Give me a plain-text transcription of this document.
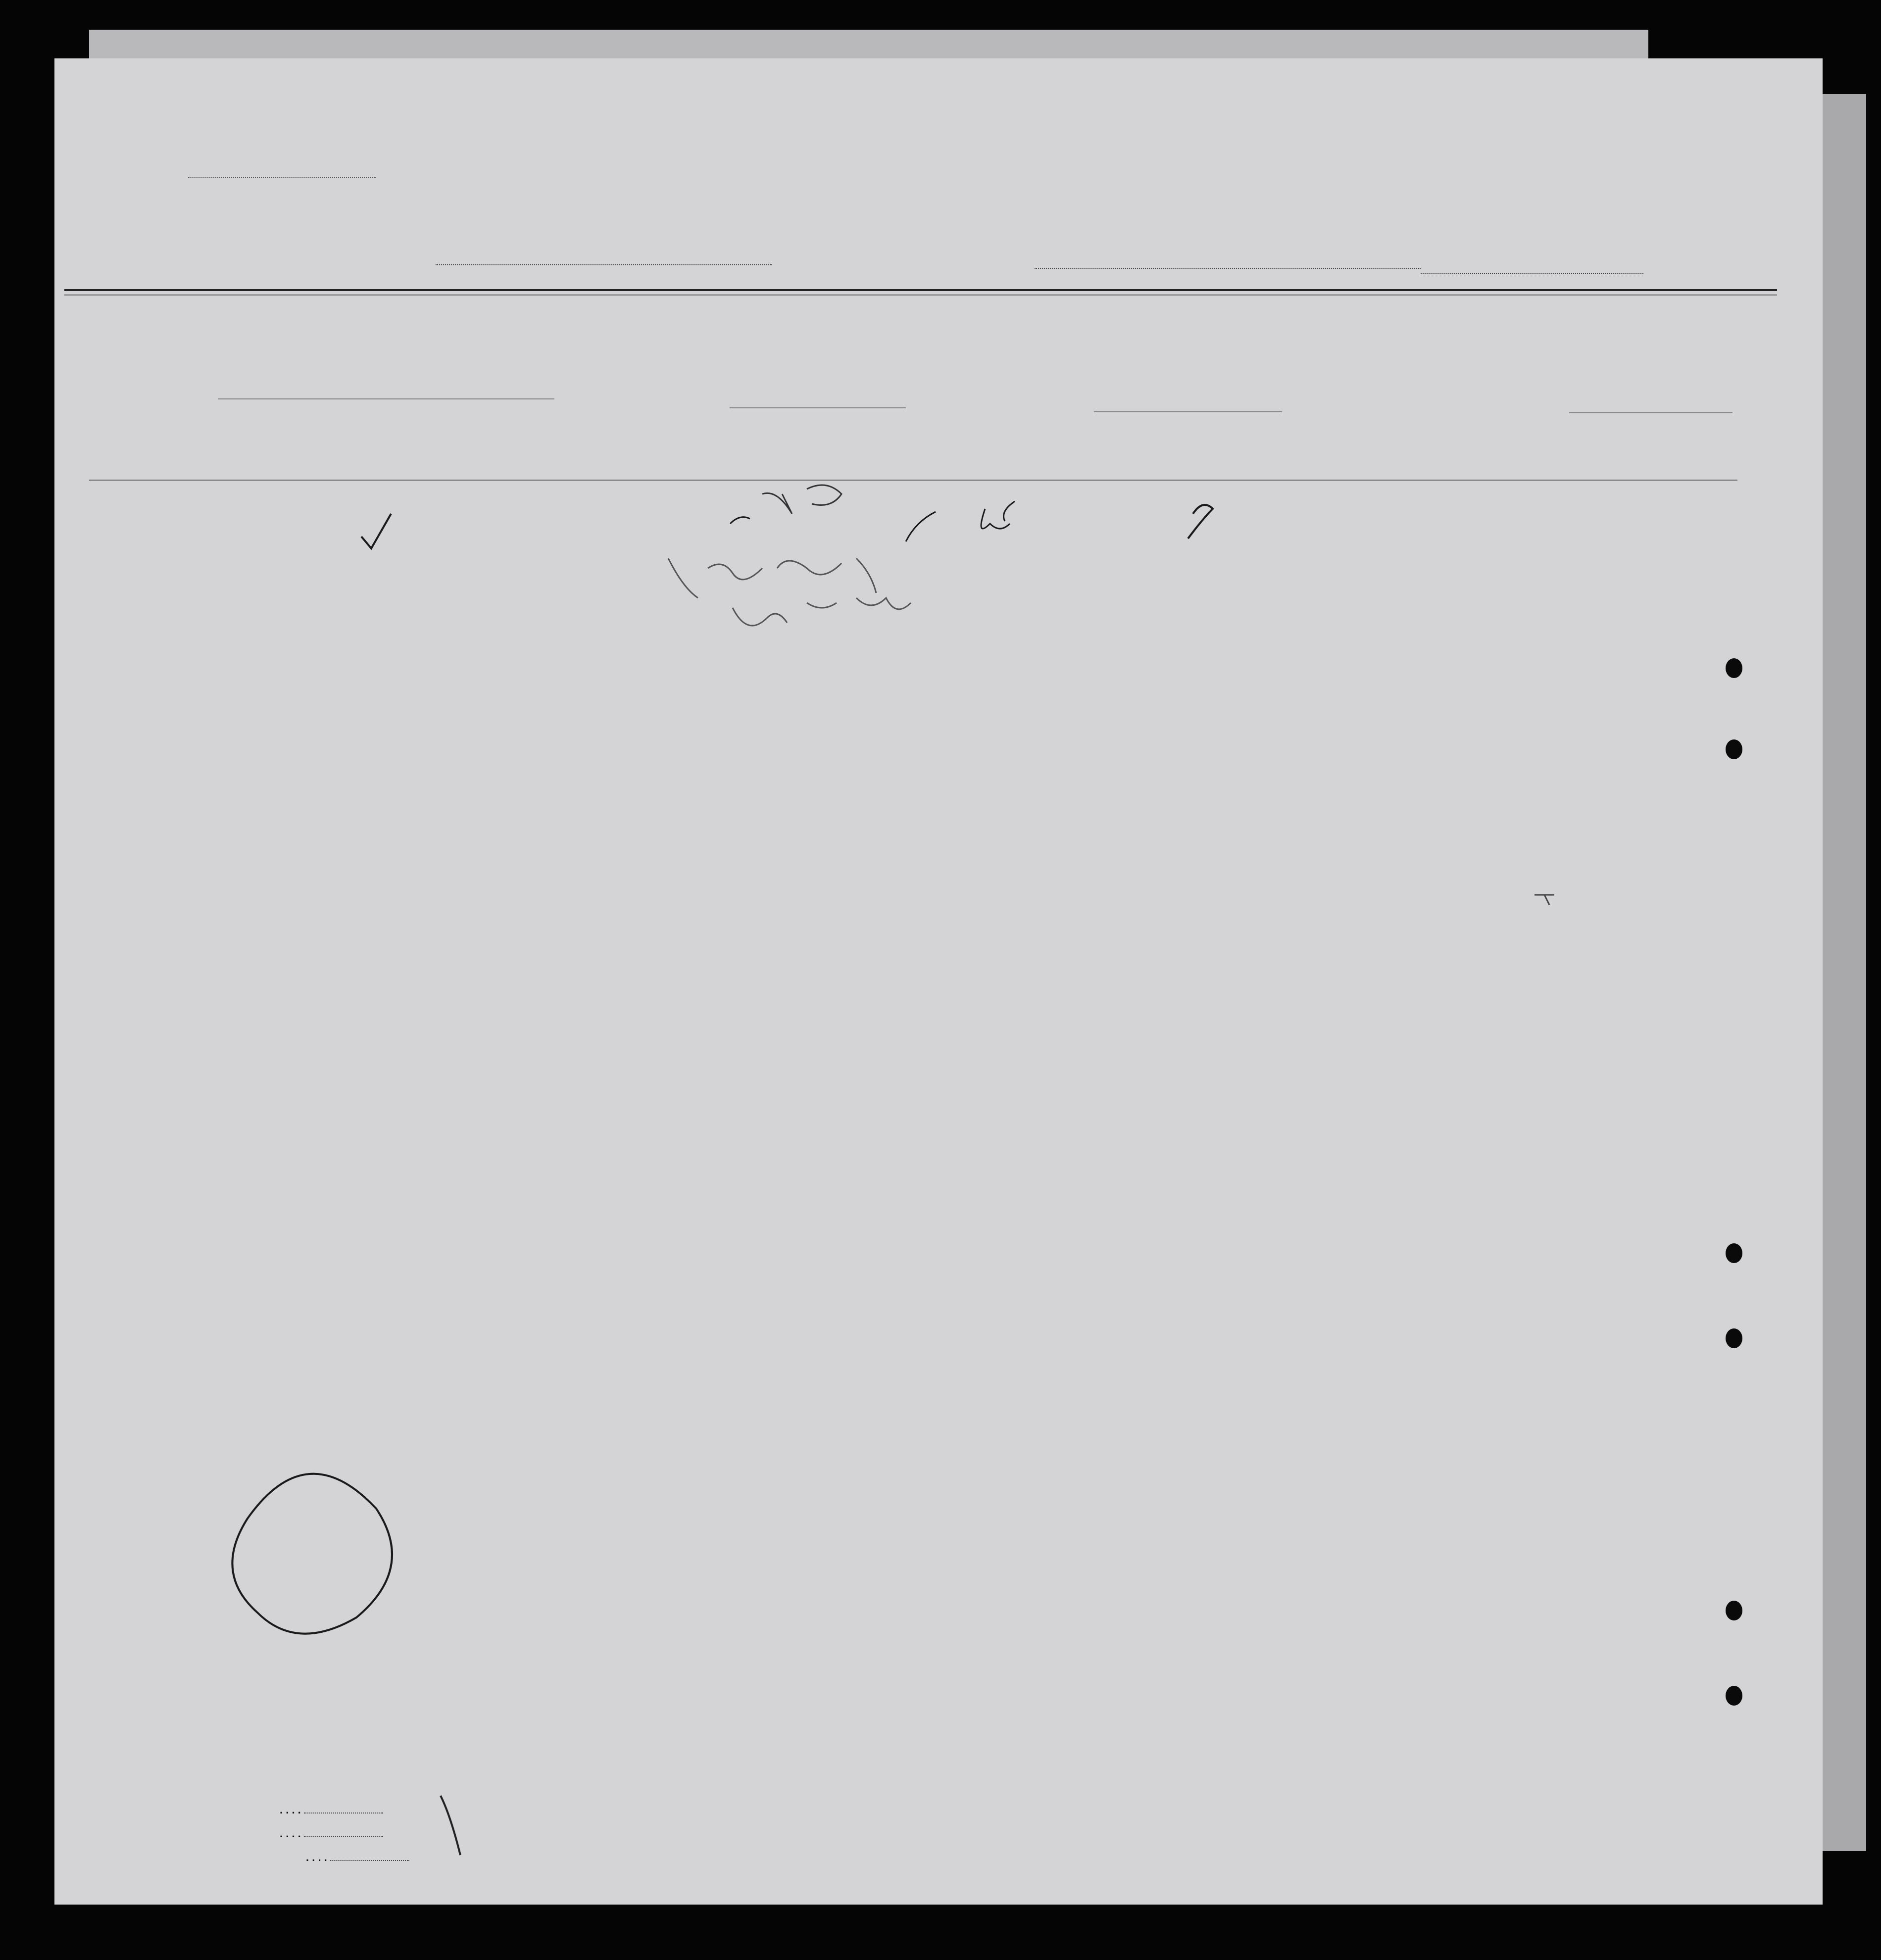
. . . .
. . . .
. . . .
